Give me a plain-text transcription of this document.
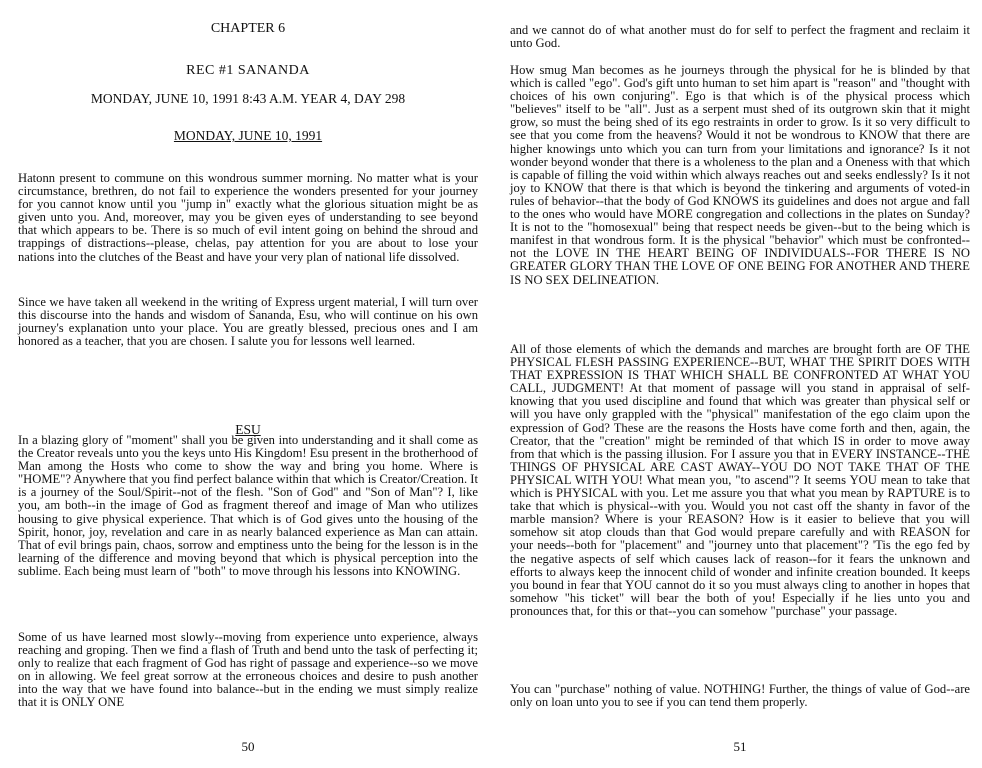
CHAPTER 6
REC #1 SANANDA
MONDAY, JUNE 10, 1991 8:43 A.M. YEAR 4, DAY 298
MONDAY, JUNE 10, 1991

Hatonn present to commune on this wondrous summer morning. No matter what is your circumstance, brethren, do not fail to experience the wonders presented for your journey for you cannot know until you "jump in" exactly what the glorious situation might be as given unto you. And, moreover, may you be given eyes of understanding to see beyond that which appears to be. There is so much of evil intent going on behind the shroud and trappings of distractions--please, chelas, pay attention for you are about to lose your nations into the clutches of the Beast and have your very plan of national life dissolved.

Since we have taken all weekend in the writing of Express urgent material, I will turn over this discourse into the hands and wisdom of Sananda, Esu, who will continue on his own journey's explanation unto your place. You are greatly blessed, precious ones and I am honored as a teacher, that you are chosen. I salute you for lessons well learned.

ESU

In a blazing glory of "moment" shall you be given into understanding and it shall come as the Creator reveals unto you the keys unto His Kingdom! Esu present in the brotherhood of Man among the Hosts who come to show the way and bring you home. Where is "HOME"? Anywhere that you find perfect balance within that which is Creator/Creation. It is a journey of the Soul/Spirit--not of the flesh. "Son of God" and "Son of Man"? I, like you, am both--in the image of God as fragment thereof and image of Man who utilizes housing to give physical experience. That which is of God gives unto the housing of the Spirit, honor, joy, revelation and care in as nearly balanced experience as Man can attain. That of evil brings pain, chaos, sorrow and emptiness unto the being for the lesson is in the learning of the difference and moving beyond that which is physical perception into the sublime. Each being must learn of "both" to move through his lessons into KNOWING.

Some of us have learned most slowly--moving from experience unto experience, always reaching and groping. Then we find a flash of Truth and bend unto the task of perfecting it; only to realize that each fragment of God has right of passage and experience--so we move on in allowing. We feel great sorrow at the erroneous choices and desire to push another into the way that we have found into balance--but in the ending we must simply realize that it is ONLY ONE

50

and we cannot do of what another must do for self to perfect the fragment and reclaim it unto God.

How smug Man becomes as he journeys through the physical for he is blinded by that which is called "ego". God's gift unto human to set him apart is "reason" and "thought with choices of his own conjuring". Ego is that which is of the physical process which "believes" itself to be "all". Just as a serpent must shed of its outgrown skin that it might grow, so must the being shed of its ego restraints in order to grow. Is it so very difficult to see that you come from the heavens? Would it not be wondrous to KNOW that there are higher knowings unto which you can turn from your limitations and ignorance? Is it not wonder beyond wonder that there is a wholeness to the plan and a Oneness with that which is capable of filling the void within which always reaches out and seeks endlessly? Is it not joy to KNOW that there is that which is beyond the tinkering and arguments of voted-in rules of behavior--that the body of God KNOWS its guidelines and does not argue and fall to the ones who would have MORE congregation and collections in the plates on Sunday? It is not to the "homosexual" being that respect needs be given--but to the being which is manifest in that wondrous form. It is the physical "behavior" which must be confronted--not the LOVE IN THE HEART BEING OF INDIVIDUALS--FOR THERE IS NO GREATER GLORY THAN THE LOVE OF ONE BEING FOR ANOTHER AND THERE IS NO SEX DELINEATION.

All of those elements of which the demands and marches are brought forth are OF THE PHYSICAL FLESH PASSING EXPERIENCE--BUT, WHAT THE SPIRIT DOES WITH THAT EXPRESSION IS THAT WHICH SHALL BE CONFRONTED AT WHAT YOU CALL, JUDGMENT! At that moment of passage will you stand in appraisal of self-knowing that you used discipline and found that which was greater than physical self or will you have only grappled with the "physical" manifestation of the ego claim upon the expression of God? These are the reasons the Hosts have come forth and then, again, the Creator, that the "creation" might be reminded of that which IS in order to move away from that which is the passing illusion. For I assure you that in EVERY INSTANCE--THE THINGS OF PHYSICAL ARE CAST AWAY--YOU DO NOT TAKE THAT OF THE PHYSICAL WITH YOU! What mean you, "to ascend"? It seems YOU mean to take that which is PHYSICAL with you. Let me assure you that what you mean by RAPTURE is to take that which is physical--with you. Would you not cast off the shanty in favor of the marble mansion? Where is your REASON? How is it easier to believe that you will somehow sit atop clouds than that God would prepare carefully and with REASON for your needs--both for "placement" and "journey unto that placement"? 'Tis the ego fed by the negative aspects of self which causes lack of reason--for it fears the unknown and efforts to always keep the innocent child of wonder and infinite creation bounded. It keeps you bound in fear that YOU cannot do it so you must always cling to another in hopes that somehow "his ticket" will bear the both of you! Especially if he lies unto you and pronounces that, for this or that--you can somehow "purchase" your passage.

You can "purchase" nothing of value. NOTHING! Further, the things of value of God--are only on loan unto you to see if you can tend them properly.

51
